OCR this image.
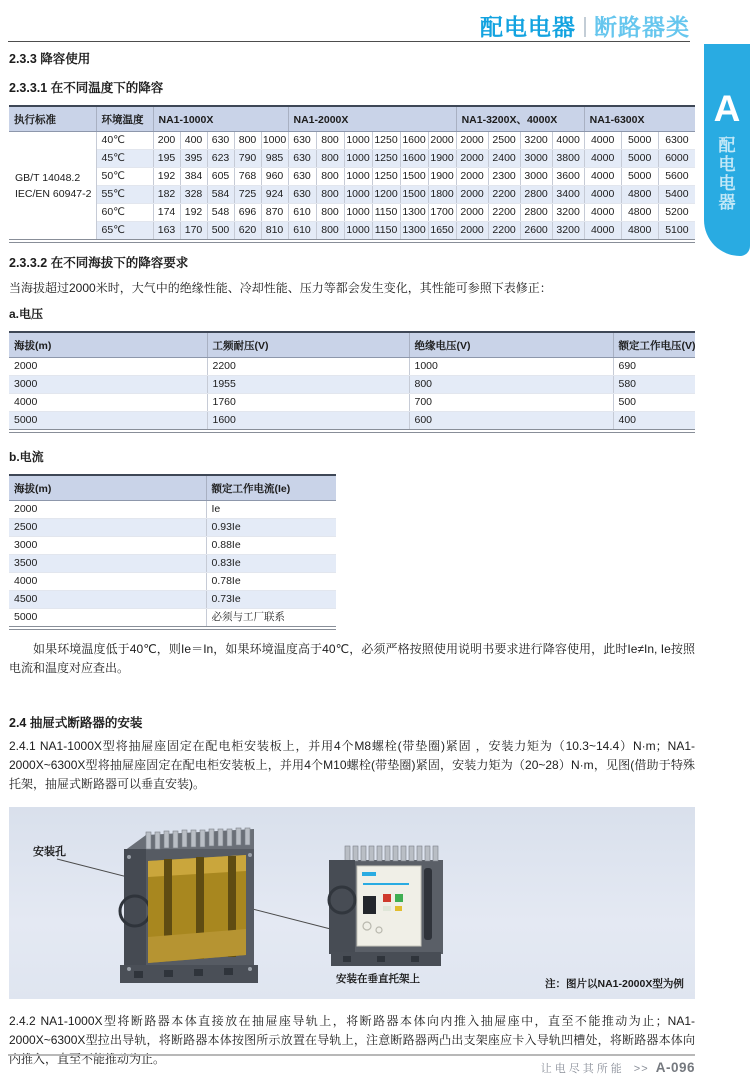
配电电器 断路器类
A
配
电
电
器
2.3.3 降容使用
2.3.3.1 在不同温度下的降容
执行标准	环境温度	NA1-1000X					NA1-2000X						NA1-3200X、4000X				NA1-6300X		

GB/T 14048.2
IEC/EN 60947-2	40℃	200	400	630	800	1000	630	800	1000	1250	1600	2000	2000	2500	3200	4000	4000	5000	6300
	45℃	195	395	623	790	985	630	800	1000	1250	1600	1900	2000	2400	3000	3800	4000	5000	6000
	50℃	192	384	605	768	960	630	800	1000	1250	1500	1900	2000	2300	3000	3600	4000	5000	5600
	55℃	182	328	584	725	924	630	800	1000	1200	1500	1800	2000	2200	2800	3400	4000	4800	5400
	60℃	174	192	548	696	870	610	800	1000	1150	1300	1700	2000	2200	2800	3200	4000	4800	5200
	65℃	163	170	500	620	810	610	800	1000	1150	1300	1650	2000	2200	2600	3200	4000	4800	5100
2.3.3.2 在不同海拔下的降容要求

当海拔超过2000米时，大气中的绝缘性能、冷却性能、压力等都会发生变化，其性能可参照下表修正：

a.电压
海拔(m)	工频耐压(V)	绝缘电压(V)	额定工作电压(V)
2000	2200	1000	690
3000	1955	800	580
4000	1760	700	500
5000	1600	600	400
b.电流
海拔(m)	额定工作电流(Ie)
2000	Ie
2500	0.93Ie
3000	0.88Ie
3500	0.83Ie
4000	0.78Ie
4500	0.73Ie
5000	必须与工厂联系

如果环境温度低于40℃，则Ie＝In，如果环境温度高于40℃，必须严格按照使用说明书要求进行降容使用，此时Ie≠In, Ie按照电流和温度对应查出。

2.4 抽屉式断路器的安装

2.4.1 NA1-1000X型将抽屉座固定在配电柜安装板上，并用4个M8螺栓(带垫圈)紧固 ，安装力矩为（10.3~14.4）N·m；NA1-2000X~6300X型将抽屉座固定在配电柜安装板上，并用4个M10螺栓(带垫圈)紧固，安装力矩为（20~28）N·m，见图(借助于特殊托架，抽屉式断路器可以垂直安装)。

安装孔
安装在垂直托架上	注：图片以NA1-2000X型为例

2.4.2 NA1-1000X型将断路器本体直接放在抽屉座导轨上，将断路器本体向内推入抽屉座中，直至不能推动为止；NA1-2000X~6300X型拉出导轨，将断路器本体按图所示放置在导轨上，注意断路器两凸出支架座应卡入导轨凹槽处，将断路器本体向内推入，直至不能推动为止。

让电尽其所能 >> A-096
